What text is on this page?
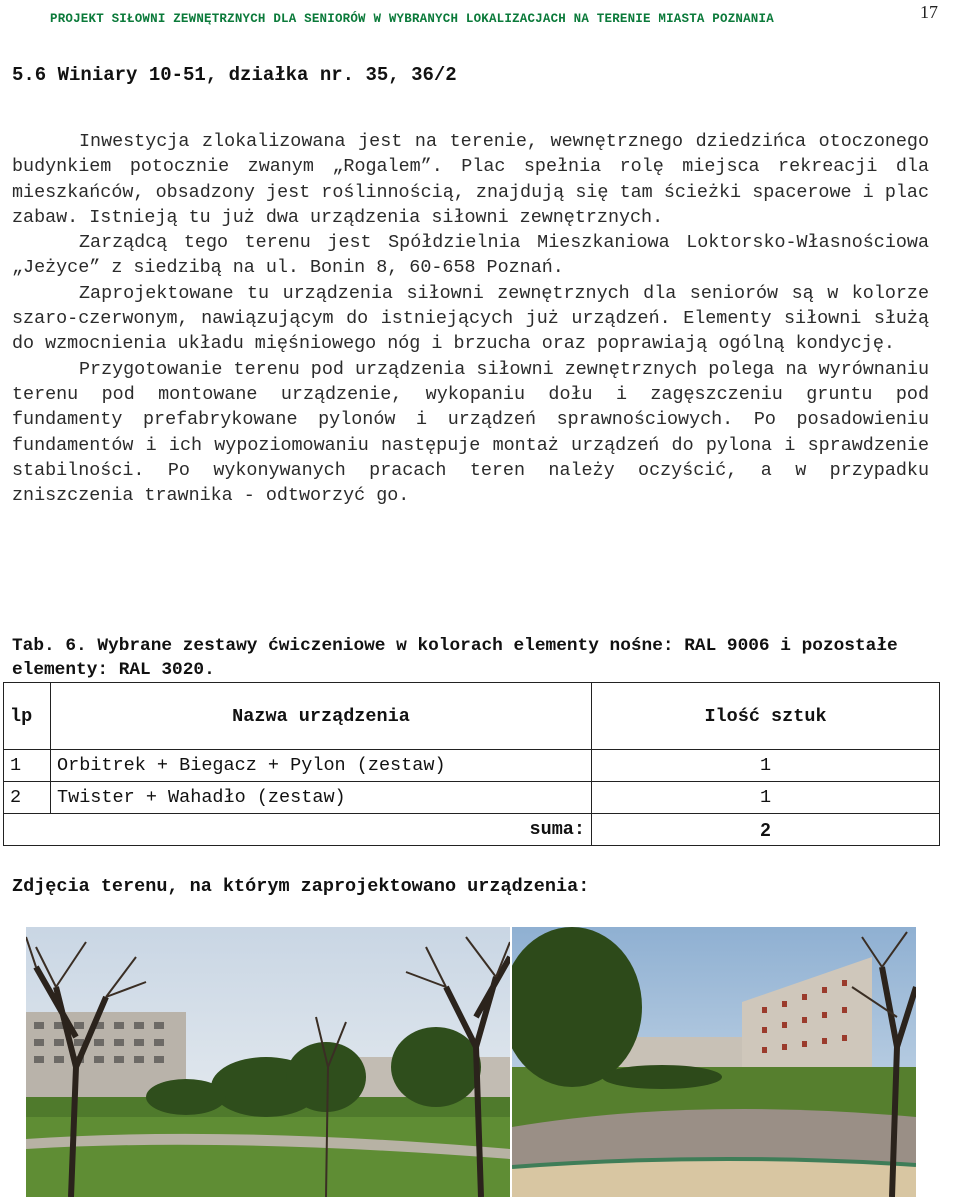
PROJEKT SIŁOWNI ZEWNĘTRZNYCH DLA SENIORÓW W WYBRANYCH LOKALIZACJACH NA TERENIE MIASTA POZNANIA	17
5.6 Winiary 10-51, działka nr. 35, 36/2

Inwestycja zlokalizowana jest na terenie, wewnętrznego dziedzińca otoczonego budynkiem potocznie zwanym „Rogalem”. Plac spełnia rolę miejsca rekreacji dla mieszkańców, obsadzony jest roślinnością, znajdują się tam ścieżki spacerowe i plac zabaw. Istnieją tu już dwa urządzenia siłowni zewnętrznych.

Zarządcą tego terenu jest Spółdzielnia Mieszkaniowa Loktorsko-Własnościowa „Jeżyce” z siedzibą na ul. Bonin 8, 60-658 Poznań.

Zaprojektowane tu urządzenia siłowni zewnętrznych dla seniorów są w kolorze szaro-czerwonym, nawiązującym do istniejących już urządzeń. Elementy siłowni służą do wzmocnienia układu mięśniowego nóg i brzucha oraz poprawiają ogólną kondycję.

Przygotowanie terenu pod urządzenia siłowni zewnętrznych polega na wyrównaniu terenu pod montowane urządzenie, wykopaniu dołu i zagęszczeniu gruntu pod fundamenty prefabrykowane pylonów i urządzeń sprawnościowych. Po posadowieniu fundamentów i ich wypoziomowaniu następuje montaż urządzeń do pylona i sprawdzenie stabilności. Po wykonywanych pracach teren należy oczyścić, a w przypadku zniszczenia trawnika - odtworzyć go.

Tab. 6. Wybrane zestawy ćwiczeniowe w kolorach elementy nośne: RAL 9006 i pozostałe elementy: RAL 3020.
lp	Nazwa urządzenia	Ilość sztuk
1	Orbitrek + Biegacz + Pylon (zestaw)	1
2	Twister + Wahadło (zestaw)	1
suma:		2
Zdjęcia terenu, na którym zaprojektowano urządzenia:
